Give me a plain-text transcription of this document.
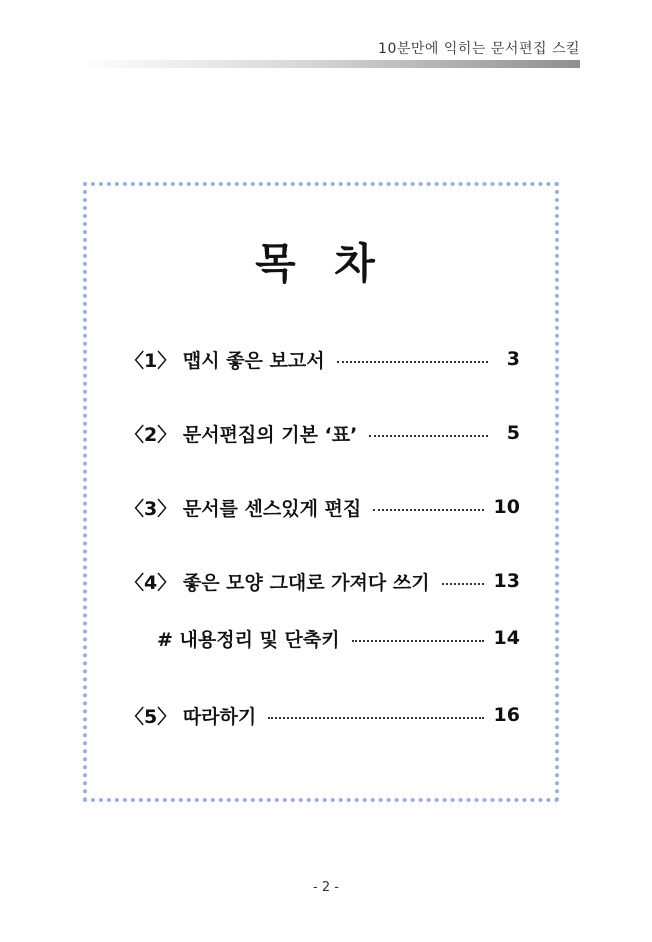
10분만에 익히는 문서편집 스킬
목 차
〈1〉 맵시 좋은 보고서	3
〈2〉 문서편집의 기본 ‘표’	5
〈3〉 문서를 센스있게 편집	10
〈4〉 좋은 모양 그대로 가져다 쓰기	13
# 내용정리 및 단축키	14
〈5〉 따라하기	16
- 2 -
